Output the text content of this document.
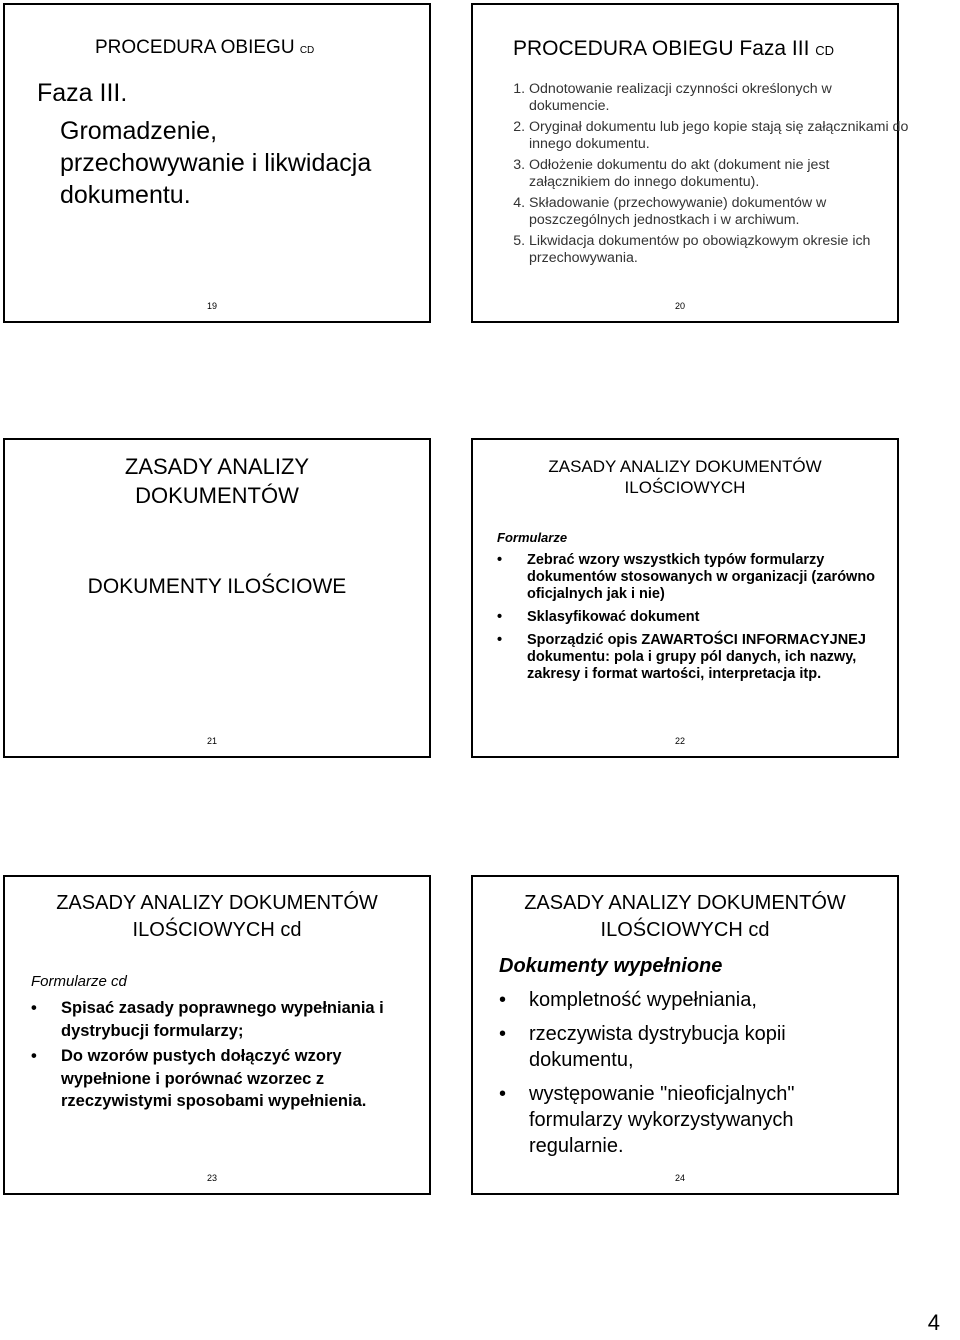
PROCEDURA OBIEGU CD
Faza III.
Gromadzenie, przechowywanie i likwidacja dokumentu.
19
PROCEDURA OBIEGU Faza III CD
1. Odnotowanie realizacji czynności określonych w dokumencie.
2. Oryginał dokumentu lub jego kopie stają się załącznikami do innego dokumentu.
3. Odłożenie dokumentu do akt (dokument nie jest załącznikiem do innego dokumentu).
4. Składowanie (przechowywanie) dokumentów w poszczególnych jednostkach i w archiwum.
5. Likwidacja dokumentów po obowiązkowym okresie ich przechowywania.
20
ZASADY ANALIZY
DOKUMENTÓW
DOKUMENTY ILOŚCIOWE
21
ZASADY ANALIZY DOKUMENTÓW
ILOŚCIOWYCH
Formularze
• Zebrać wzory wszystkich typów formularzy dokumentów stosowanych w organizacji (zarówno oficjalnych jak i nie)
• Sklasyfikować dokument
• Sporządzić opis ZAWARTOŚCI INFORMACYJNEJ dokumentu: pola i grupy pól danych, ich nazwy, zakresy i format wartości, interpretacja itp.
22
ZASADY ANALIZY DOKUMENTÓW
ILOŚCIOWYCH cd
Formularze cd
• Spisać zasady poprawnego wypełniania i dystrybucji formularzy;
• Do wzorów pustych dołączyć wzory wypełnione i porównać wzorzec z rzeczywistymi sposobami wypełnienia.
23
ZASADY ANALIZY DOKUMENTÓW
ILOŚCIOWYCH cd
Dokumenty wypełnione
• kompletność wypełniania,
• rzeczywista dystrybucja kopii dokumentu,
• występowanie "nieoficjalnych" formularzy wykorzystywanych regularnie.
24
4
